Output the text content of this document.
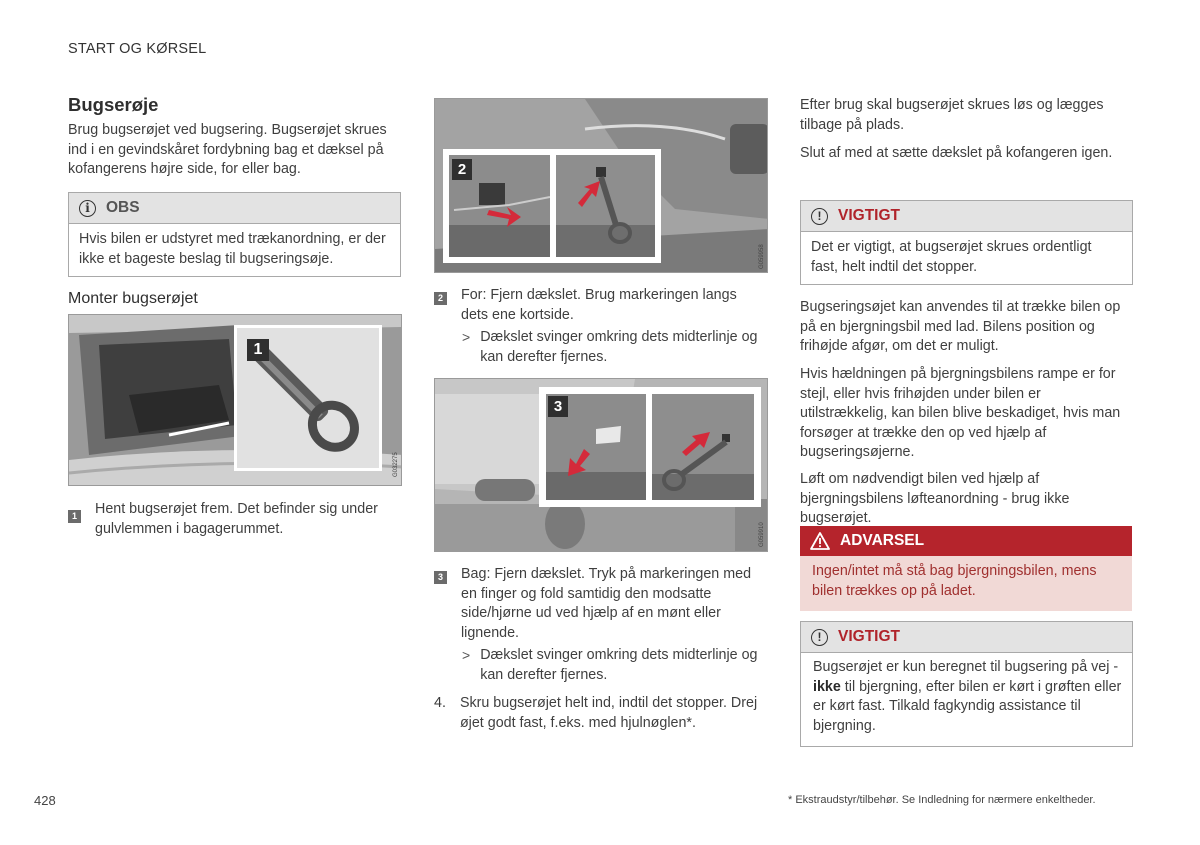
START OG KØRSEL
Bugserøje

Brug bugserøjet ved bugsering. Bugserøjet skrues ind i en gevindskåret fordybning bag et dæksel på kofangerens højre side, for eller bag.

i	OBS

Hvis bilen er udstyret med trækanordning, er der ikke et bageste beslag til bugseringsøje.

Monter bugserøjet
1
G032275
1 Hent bugserøjet frem. Det befinder sig under gulvlemmen i bagagerummet.

2
G059958
2 For: Fjern dækslet. Brug markeringen langs dets ene kortside.

> Dækslet svinger omkring dets midterlinje og kan derefter fjernes.

3
G059910
3 Bag: Fjern dækslet. Tryk på markeringen med en finger og fold samtidig den modsatte side/hjørne ud ved hjælp af en mønt eller lignende.

> Dækslet svinger omkring dets midterlinje og kan derefter fjernes.

4. Skru bugserøjet helt ind, indtil det stopper. Drej øjet godt fast, f.eks. med hjulnøglen*.

Efter brug skal bugserøjet skrues løs og lægges tilbage på plads.

Slut af med at sætte dækslet på kofangeren igen.

!	VIGTIGT

Det er vigtigt, at bugserøjet skrues ordentligt fast, helt indtil det stopper.

Bugseringsøjet kan anvendes til at trække bilen op på en bjergningsbil med lad. Bilens position og frihøjde afgør, om det er muligt.

Hvis hældningen på bjergningsbilens rampe er for stejl, eller hvis frihøjden under bilen er utilstrækkelig, kan bilen blive beskadiget, hvis man forsøger at trække den op ved hjælp af bugseringsøjerne.

Løft om nødvendigt bilen ved hjælp af bjergningsbilens løfteanordning - brug ikke bugserøjet.

ADVARSEL

Ingen/intet må stå bag bjergningsbilen, mens bilen trækkes op på ladet.

!	VIGTIGT

Bugserøjet er kun beregnet til bugsering på vej - ikke til bjergning, efter bilen er kørt i grøften eller er kørt fast. Tilkald fagkyndig assistance til bjergning.

428	* Ekstraudstyr/tilbehør. Se Indledning for nærmere enkeltheder.
